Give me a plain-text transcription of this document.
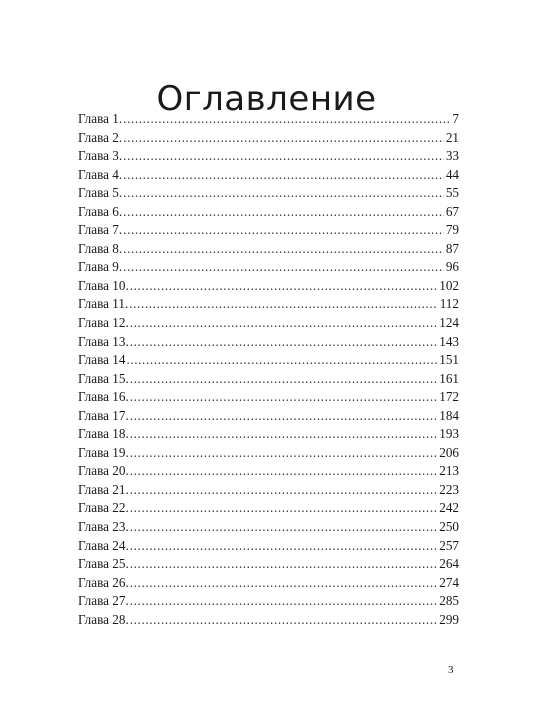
Оглавление
Глава 1. .....	7
Глава 2. .....	21
Глава 3. .....	33
Глава 4. .....	44
Глава 5. .....	55
Глава 6. .....	67
Глава 7. .....	79
Глава 8. .....	87
Глава 9. .....	96
Глава 10. .....	102
Глава 11. .....	112
Глава 12. .....	124
Глава 13. .....	143
Глава 14 .....	151
Глава 15. .....	161
Глава 16. .....	172
Глава 17. .....	184
Глава 18. .....	193
Глава 19. .....	206
Глава 20. .....	213
Глава 21. .....	223
Глава 22. .....	242
Глава 23. .....	250
Глава 24. .....	257
Глава 25. .....	264
Глава 26. .....	274
Глава 27. .....	285
Глава 28. .....	299
3
